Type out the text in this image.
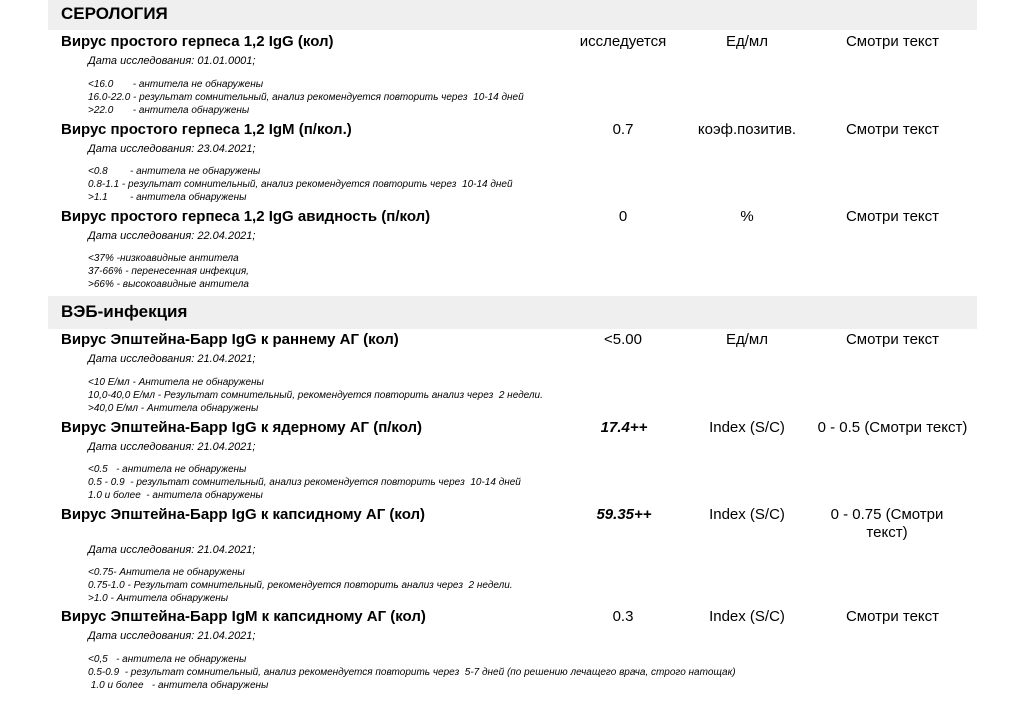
СЕРОЛОГИЯ
ВЭБ-инфекция
Вирус простого герпеса 1,2 IgG (кол)	исследуется	Ед/мл	Смотри текст
Дата исследования: 01.01.0001;
<16.0       - антитела не обнаружены
16.0-22.0 - результат сомнительный, анализ рекомендуется повторить через  10-14 дней
>22.0       - антитела обнаружены
Вирус простого герпеса 1,2 IgM (п/кол.)	0.7	коэф.позитив.	Смотри текст
Дата исследования: 23.04.2021;
<0.8        - антитела не обнаружены
0.8-1.1 - результат сомнительный, анализ рекомендуется повторить через  10-14 дней
>1.1        - антитела обнаружены
Вирус простого герпеса 1,2 IgG авидность (п/кол)	0	%	Смотри текст
Дата исследования: 22.04.2021;
<37% -низкоавидные антитела
37-66% - перенесенная инфекция,
>66% - высокоавидные антитела
Вирус Эпштейна-Барр IgG к раннему АГ (кол)	<5.00	Ед/мл	Смотри текст
Дата исследования: 21.04.2021;
<10 Е/мл - Антитела не обнаружены
10,0-40,0 Е/мл - Результат сомнительный, рекомендуется повторить анализ через  2 недели.
>40,0 Е/мл - Антитела обнаружены
Вирус Эпштейна-Барр IgG к ядерному АГ (п/кол)	17.4++	Index (S/C)	0 - 0.5 (Смотри текст)
Дата исследования: 21.04.2021;
<0.5   - антитела не обнаружены
0.5 - 0.9  - результат сомнительный, анализ рекомендуется повторить через  10-14 дней
1.0 и более  - антитела обнаружены
Вирус Эпштейна-Барр IgG к капсидному АГ (кол)	59.35++	Index (S/C)	0 - 0.75 (Смотри текст)
Дата исследования: 21.04.2021;
<0.75- Антитела не обнаружены
0.75-1.0 - Результат сомнительный, рекомендуется повторить анализ через  2 недели.
>1.0 - Антитела обнаружены
Вирус Эпштейна-Барр IgM к капсидному АГ (кол)	0.3	Index (S/C)	Смотри текст
Дата исследования: 21.04.2021;
<0,5   - антитела не обнаружены
0.5-0.9  - результат сомнительный, анализ рекомендуется повторить через  5-7 дней (по решению лечащего врача, строго натощак)
1.0 и более   - антитела обнаружены
